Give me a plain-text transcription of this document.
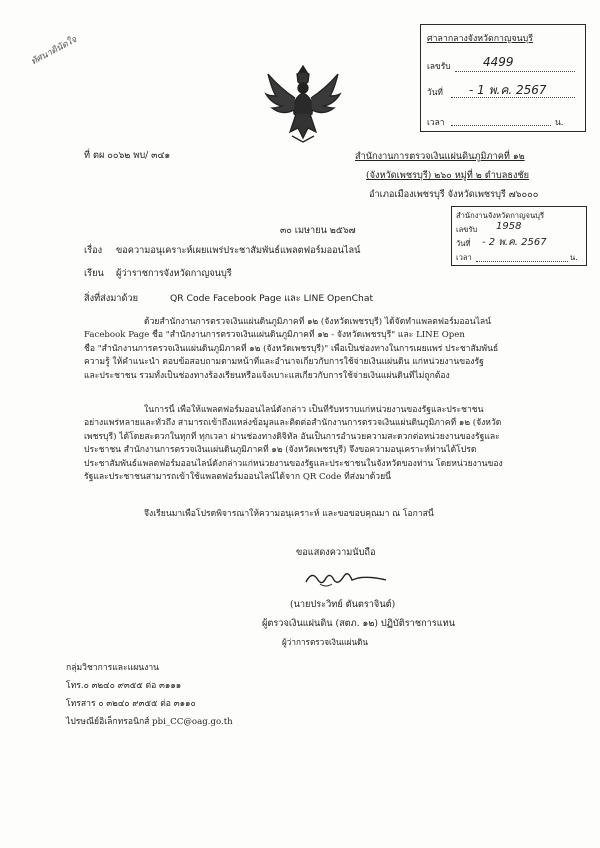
ทัศนาดินัดใจ	ศาลากลางจังหวัดกาญจนบุรี
เลขรับ	4499
วันที่ - 1 พ.ค. 2567
เวลา	น.
ที่ ตผ ๐๐๖๒ พบ/ ๓๔๑	สำนักงานการตรวจเงินแผ่นดินภูมิภาคที่ ๑๒
(จังหวัดเพชรบุรี) ๒๖๐ หมู่ที่ ๒ ตำบลธงชัย
อำเภอเมืองเพชรบุรี จังหวัดเพชรบุรี ๗๖๐๐๐
สำนักงานจังหวัดกาญจนบุรี
เลขรับ 1958
วันที่ - 2 พ.ค. 2567
เวลา	น.
๓๐ เมษายน ๒๕๖๗
เรื่อง ขอความอนุเคราะห์เผยแพร่ประชาสัมพันธ์แพลตฟอร์มออนไลน์
เรียน ผู้ว่าราชการจังหวัดกาญจนบุรี
สิ่งที่ส่งมาด้วย	QR Code Facebook Page และ LINE OpenChat
ด้วยสำนักงานการตรวจเงินแผ่นดินภูมิภาคที่ ๑๒ (จังหวัดเพชรบุรี) ได้จัดทำแพลตฟอร์มออนไลน์
Facebook Page ชื่อ "สำนักงานการตรวจเงินแผ่นดินภูมิภาคที่ ๑๒ - จังหวัดเพชรบุรี" และ LINE Open
ชื่อ "สำนักงานการตรวจเงินแผ่นดินภูมิภาคที่ ๑๒ (จังหวัดเพชรบุรี)" เพื่อเป็นช่องทางในการเผยแพร่ ประชาสัมพันธ์
ความรู้ ให้คำแนะนำ ตอบข้อสอบถามตามหน้าที่และอำนาจเกี่ยวกับการใช้จ่ายเงินแผ่นดิน แก่หน่วยงานของรัฐ
และประชาชน รวมทั้งเป็นช่องทางร้องเรียนหรือแจ้งเบาะแสเกี่ยวกับการใช้จ่ายเงินแผ่นดินที่ไม่ถูกต้อง
ในการนี้ เพื่อให้แพลตฟอร์มออนไลน์ดังกล่าว เป็นที่รับทราบแก่หน่วยงานของรัฐและประชาชน
อย่างแพร่หลายและทั่วถึง สามารถเข้าถึงแหล่งข้อมูลและติดต่อสำนักงานการตรวจเงินแผ่นดินภูมิภาคที่ ๑๒ (จังหวัด
เพชรบุรี) ได้โดยสะดวกในทุกที่ ทุกเวลา ผ่านช่องทางดิจิทัล อันเป็นการอำนวยความสะดวกต่อหน่วยงานของรัฐและ
ประชาชน สำนักงานการตรวจเงินแผ่นดินภูมิภาคที่ ๑๒ (จังหวัดเพชรบุรี) จึงขอความอนุเคราะห์ท่านได้โปรด
ประชาสัมพันธ์แพลตฟอร์มออนไลน์ดังกล่าวแก่หน่วยงานของรัฐและประชาชนในจังหวัดของท่าน โดยหน่วยงานของ
รัฐและประชาชนสามารถเข้าใช้แพลตฟอร์มออนไลน์ได้จาก QR Code ที่ส่งมาด้วยนี้
จึงเรียนมาเพื่อโปรดพิจารณาให้ความอนุเคราะห์ และขอขอบคุณมา ณ โอกาสนี้
ขอแสดงความนับถือ
(นายประวิทย์ ตันตราจินต์)
ผู้ตรวจเงินแผ่นดิน (สตภ. ๑๒) ปฏิบัติราชการแทน
ผู้ว่าการตรวจเงินแผ่นดิน
กลุ่มวิชาการและแผนงาน
โทร.๐ ๓๒๔๐ ๙๓๕๕ ต่อ ๓๑๑๑
โทรสาร ๐ ๓๒๔๐ ๙๓๕๕ ต่อ ๓๑๑๐
ไปรษณีย์อิเล็กทรอนิกส์ pbi_CC@oag.go.th
